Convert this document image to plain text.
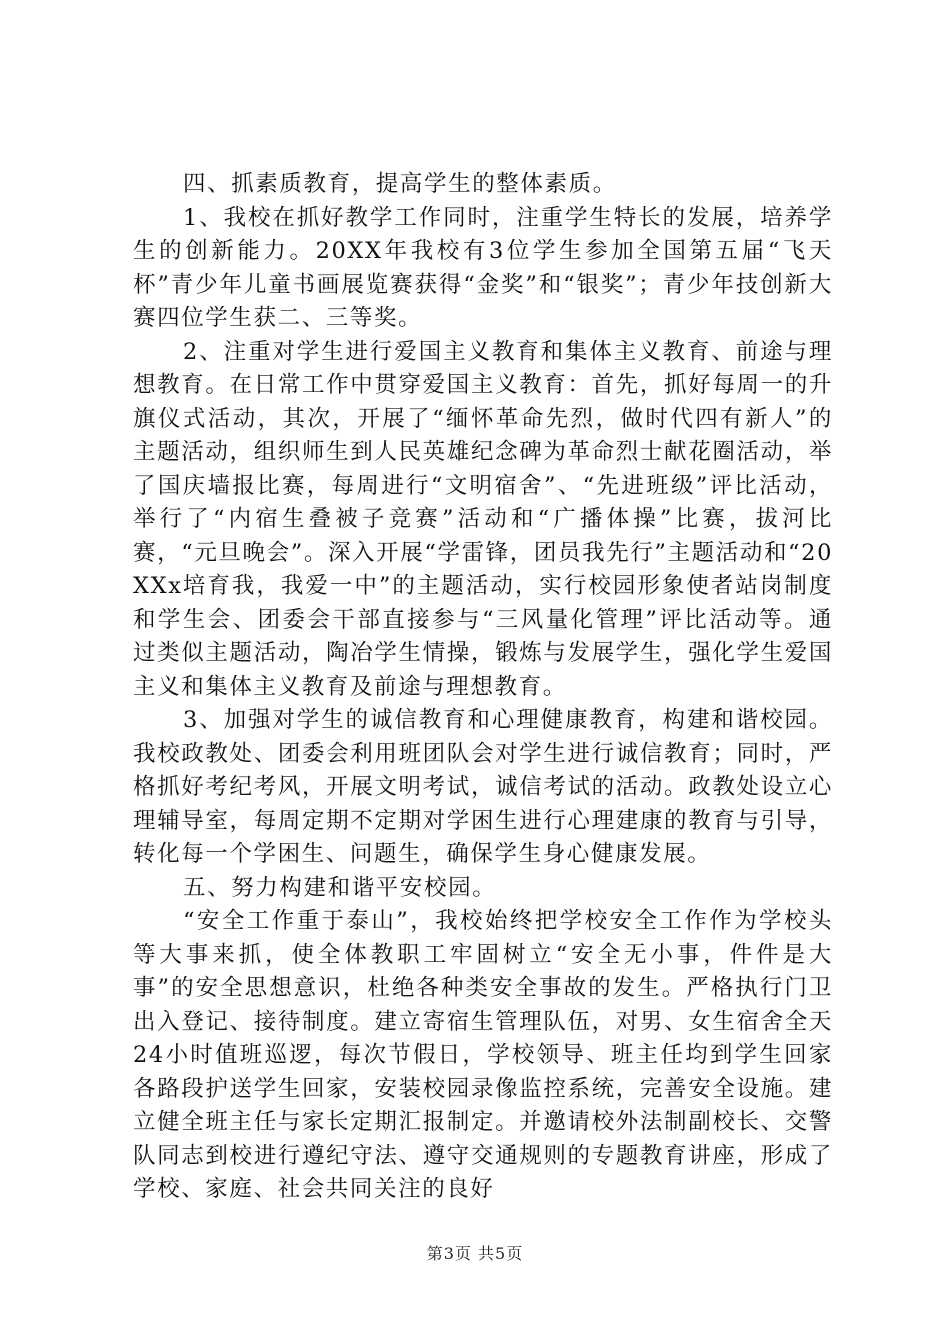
四、抓素质教育，提高学生的整体素质。

1、我校在抓好教学工作同时，注重学生特长的发展，培养学生的创新能力。20XX年我校有3位学生参加全国第五届“飞天杯”青少年儿童书画展览赛获得“金奖”和“银奖”；青少年技创新大赛四位学生获二、三等奖。

2、注重对学生进行爱国主义教育和集体主义教育、前途与理想教育。在日常工作中贯穿爱国主义教育：首先，抓好每周一的升旗仪式活动，其次，开展了“缅怀革命先烈，做时代四有新人”的主题活动，组织师生到人民英雄纪念碑为革命烈士献花圈活动，举了国庆墙报比赛，每周进行“文明宿舍”、“先进班级”评比活动，举行了“内宿生叠被子竞赛”活动和“广播体操”比赛，拔河比赛，“元旦晚会”。深入开展“学雷锋，团员我先行”主题活动和“20XXx培育我，我爱一中”的主题活动，实行校园形象使者站岗制度和学生会、团委会干部直接参与“三风量化管理”评比活动等。通过类似主题活动，陶冶学生情操，锻炼与发展学生，强化学生爱国主义和集体主义教育及前途与理想教育。

3、加强对学生的诚信教育和心理健康教育，构建和谐校园。我校政教处、团委会利用班团队会对学生进行诚信教育；同时，严格抓好考纪考风，开展文明考试，诚信考试的活动。政教处设立心理辅导室，每周定期不定期对学困生进行心理建康的教育与引导，转化每一个学困生、问题生，确保学生身心健康发展。

五、努力构建和谐平安校园。

“安全工作重于泰山”，我校始终把学校安全工作作为学校头等大事来抓，使全体教职工牢固树立“安全无小事，件件是大事”的安全思想意识，杜绝各种类安全事故的发生。严格执行门卫出入登记、接待制度。建立寄宿生管理队伍，对男、女生宿舍全天24小时值班巡逻，每次节假日，学校领导、班主任均到学生回家各路段护送学生回家，安装校园录像监控系统，完善安全设施。建立健全班主任与家长定期汇报制定。并邀请校外法制副校长、交警队同志到校进行遵纪守法、遵守交通规则的专题教育讲座，形成了学校、家庭、社会共同关注的良好

第3页 共5页
